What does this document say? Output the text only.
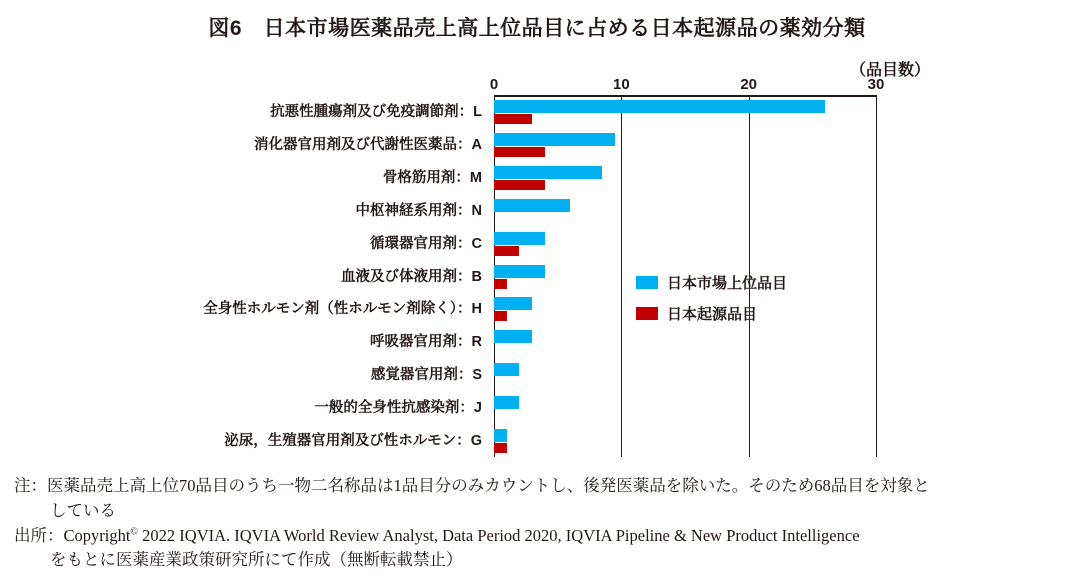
図6　日本市場医薬品売上高上位品目に占める日本起源品の薬効分類
（品目数）
0	10	20	30
日本市場上位品目
日本起源品目
注：医薬品売上高上位70品目のうち一物二名称品は1品目分のみカウントし、後発医薬品を除いた。そのため68品目を対象と
している
出所：Copyright© 2022 IQVIA. IQVIA World Review Analyst, Data Period 2020, IQVIA Pipeline & New Product Intelligence
をもとに医薬産業政策研究所にて作成（無断転載禁止）
抗悪性腫瘍剤及び免疫調節剤：L
消化器官用剤及び代謝性医薬品：A
骨格筋用剤：M
中枢神経系用剤：N
循環器官用剤：C
血液及び体液用剤：B
全身性ホルモン剤（性ホルモン剤除く）：H
呼吸器官用剤：R
感覚器官用剤：S
一般的全身性抗感染剤：J
泌尿，生殖器官用剤及び性ホルモン：G
